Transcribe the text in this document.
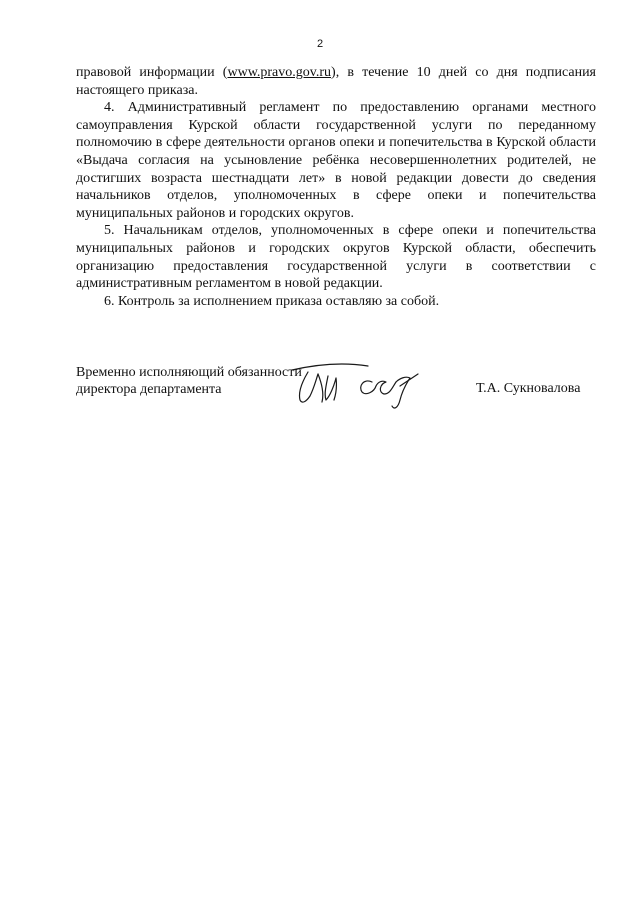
2

правовой информации (www.pravo.gov.ru), в течение 10 дней со дня подписания настоящего приказа.

4. Административный регламент по предоставлению органами местного самоуправления Курской области государственной услуги по переданному полномочию в сфере деятельности органов опеки и попечительства в Курской области «Выдача согласия на усыновление ребёнка несовершеннолетних родителей, не достигших возраста шестнадцати лет» в новой редакции довести до сведения начальников отделов, уполномоченных в сфере опеки и попечительства муниципальных районов и городских округов.

5. Начальникам отделов, уполномоченных в сфере опеки и попечительства муниципальных районов и городских округов Курской области, обеспечить организацию предоставления государственной услуги в соответствии с административным регламентом в новой редакции.

6. Контроль за исполнением приказа оставляю за собой.

Временно исполняющий обязанности
директора департамента	Т.А. Сукновалова
